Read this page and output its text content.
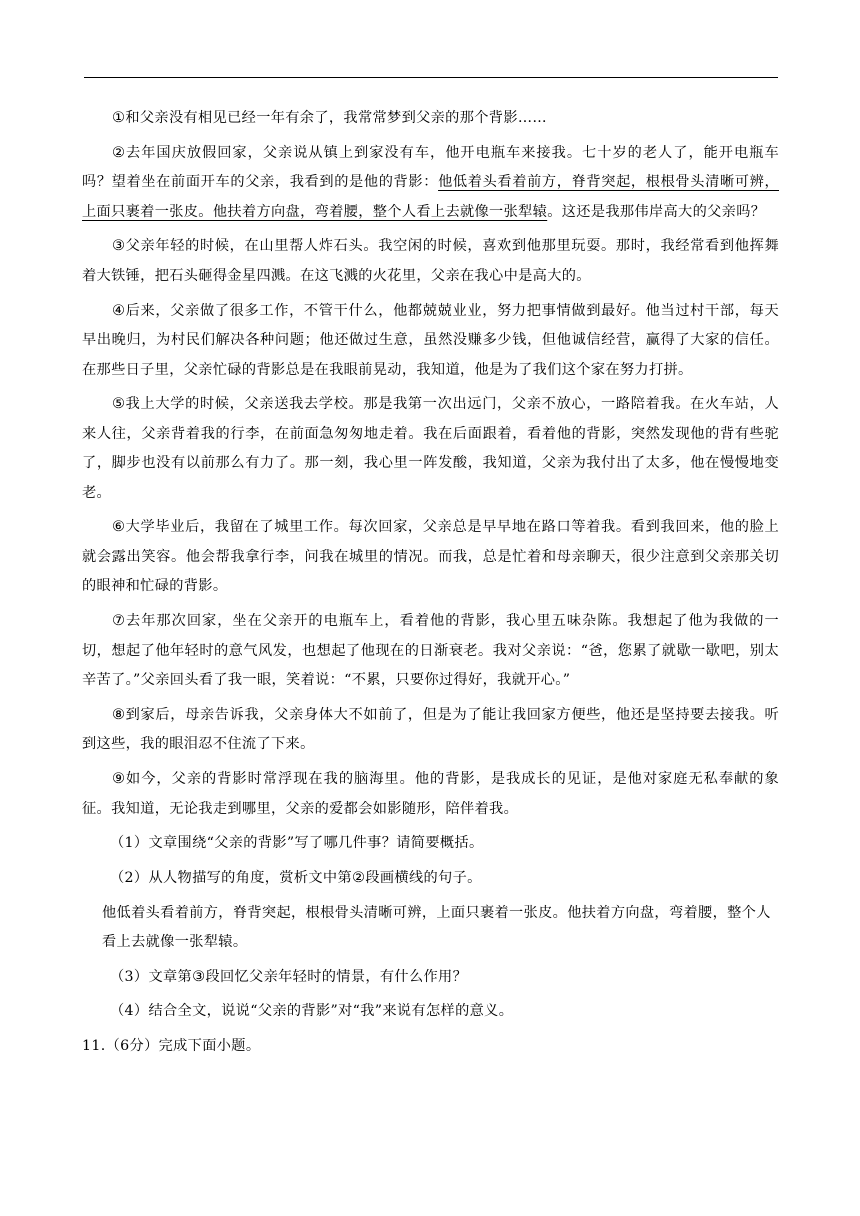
①和父亲没有相见已经一年有余了，我常常梦到父亲的那个背影……

②去年国庆放假回家，父亲说从镇上到家没有车，他开电瓶车来接我。七十岁的老人了，能开电瓶车吗？望着坐在前面开车的父亲，我看到的是他的背影：他低着头看着前方，脊背突起，根根骨头清晰可辨，上面只裹着一张皮。他扶着方向盘，弯着腰，整个人看上去就像一张犁辕。这还是我那伟岸高大的父亲吗？

③父亲年轻的时候，在山里帮人炸石头。我空闲的时候，喜欢到他那里玩耍。那时，我经常看到他挥舞着大铁锤，把石头砸得金星四溅。在这飞溅的火花里，父亲在我心中是高大的。

④后来，父亲做了很多工作，不管干什么，他都兢兢业业，努力把事情做到最好。他当过村干部，每天早出晚归，为村民们解决各种问题；他还做过生意，虽然没赚多少钱，但他诚信经营，赢得了大家的信任。在那些日子里，父亲忙碌的背影总是在我眼前晃动，我知道，他是为了我们这个家在努力打拼。

⑤我上大学的时候，父亲送我去学校。那是我第一次出远门，父亲不放心，一路陪着我。在火车站，人来人往，父亲背着我的行李，在前面急匆匆地走着。我在后面跟着，看着他的背影，突然发现他的背有些驼了，脚步也没有以前那么有力了。那一刻，我心里一阵发酸，我知道，父亲为我付出了太多，他在慢慢地变老。

⑥大学毕业后，我留在了城里工作。每次回家，父亲总是早早地在路口等着我。看到我回来，他的脸上就会露出笑容。他会帮我拿行李，问我在城里的情况。而我，总是忙着和母亲聊天，很少注意到父亲那关切的眼神和忙碌的背影。

⑦去年那次回家，坐在父亲开的电瓶车上，看着他的背影，我心里五味杂陈。我想起了他为我做的一切，想起了他年轻时的意气风发，也想起了他现在的日渐衰老。我对父亲说：“爸，您累了就歇一歇吧，别太辛苦了。”父亲回头看了我一眼，笑着说：“不累，只要你过得好，我就开心。”

⑧到家后，母亲告诉我，父亲身体大不如前了，但是为了能让我回家方便些，他还是坚持要去接我。听到这些，我的眼泪忍不住流了下来。

⑨如今，父亲的背影时常浮现在我的脑海里。他的背影，是我成长的见证，是他对家庭无私奉献的象征。我知道，无论我走到哪里，父亲的爱都会如影随形，陪伴着我。

（1）文章围绕“父亲的背影”写了哪几件事？请简要概括。

（2）从人物描写的角度，赏析文中第②段画横线的句子。

他低着头看着前方，脊背突起，根根骨头清晰可辨，上面只裹着一张皮。他扶着方向盘，弯着腰，整个人看上去就像一张犁辕。

（3）文章第③段回忆父亲年轻时的情景，有什么作用？

（4）结合全文，说说“父亲的背影”对“我”来说有怎样的意义。

11.（6分）完成下面小题。
